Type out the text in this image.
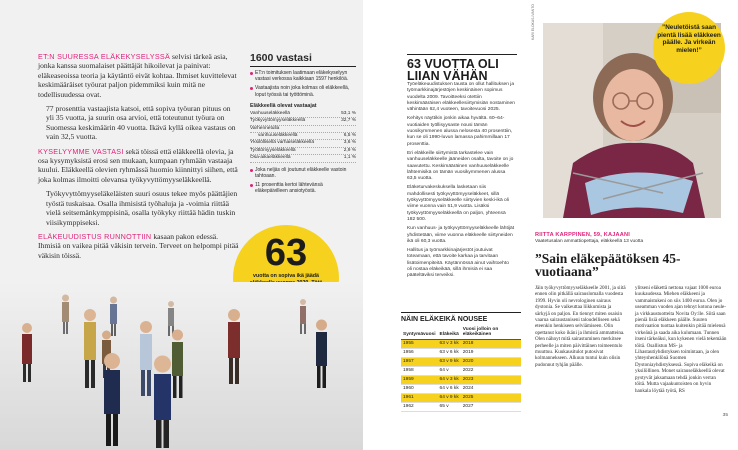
ET:N SUURESSA ELÄKEKYSELYSSÄ selvisi tärkeä asia, jonka kanssa suomalaiset päättäjät hikoilevat ja painivat: eläkeaseoissa teoria ja käytäntö eivät kohtaa. Ihmiset kuvittelevat keskimääräiset työurat paljon pidemmiksi kuin mitä ne todellisuudessa ovat.

77 prosenttia vastaajista katsoi, että sopiva työuran pituus on yli 35 vuotta, ja suurin osa arvioi, että toteutunut työura on Suomessa keskimäärin 40 vuotta. Ikävä kyllä oikea vastaus on vain 32,5 vuotta.

KYSELYYMME VASTASI sekä töissä että eläkkeellä olevia, ja osa kysymyksistä erosi sen mukaan, kumpaan ryhmään vastaaja kuului. Eläkkeellä olevien ryhmässä huomio kiinnittyi siihen, että joka kolmas ilmoitti olevansa työkyvyttömyyseläkkeellä.

Työkyvyttömyyseläkeläisten suuri osuus tekee myös päättäjien työstä tuskaisaa. Osalla ihmisistä työhaluja ja -voimia riittää vielä seitsemänkymppisinä, osalla työkyky riittää hädin tuskin viisikymppiseksi.

ELÄKEUUDISTUS RUNNOTTIIN kasaan pakon edessä. Ihmisiä on vaikea pitää väkisin tervein. Terveet on helpompi pitää väkisin töissä.

1600 vastasi
ET:n toimituksen laatimaan eläkekyselyyn vastasi verkossa kaikkiaan 1597 henkilöä.
Vastaajista noin joka kolmas oli eläkkeellä, loput työssä tai työttöminä.
Eläkkeellä olevat vastaajat
Vanhuuseläkkeellä	53,1 %
Työkyvyttömyyseläkkeellä	32,7 %
Varhennetulla
vanhuuseläkkeellä	6,5 %
Yksilöllisellä varhaiseläkkeellä	3,6 %
Työttömyyseläkkeellä	2,9 %
Osa-aikaeläkkeellä	1,1 %
Joka neljäs oli joutunut eläkkeelle vastoin tahtoaan.
11 prosenttia kertoi lähtevänsä eläkepäivilleen ansiotyöstä.
63
vuotta on sopiva ikä jäädä
63 VUOTTA OLI LIIAN VÄHÄN

Työeläkeuudistuksen tausta on ollut hallituksen ja työmarkkinajärjestöjen keskinäinen sopimus vuodelta 2009. Tavoitteeksi otettiin keskimääräisen eläkkeellesiirtymisiän nostaminen vähintään 62,4 vuoteen, tavoitevuosi 2025.

Kehitys näyttikin jonkin aikaa hyvältä. 60–64-vuotiaiden työllisyysaste nousi tämän vuosikymmenen alussa nelosesta 40 prosenttiin, kun se oli 1990-luvun lamassa pahimmillaan 17 prosenttia.

Eri eläkkeille siirtymistä tarkastelee vain vanhuuseläkkeelle jääneiden osalta, tavoite on jo saavutettu. Keskimääräinen vanhuuseläkkeelle lähtemisikä on tämän vuosikymmenen alussa 63,5 vuotta.

Eläketurvakeskuksella lasketaan siis mahdollisesti työkyvyttömyyseläkkeet, sillä työkyvyttömyyseläkkeelle siirtyvien keski-ikä oli viime vuonna vain 51,9 vuotta. Lisäksi työkyvyttömyyseläkkeellä on paljon, yhteensä 182 500.

Kun vanhuus- ja työkyvyttömyyseläkkeelle lähtijät yhdistetään, viime vuonna eläkkeelle siirtyneiden ikä oli 60,3 vuotta.

Hallitus ja työmarkkinajärjestöt joutuivat toteamaan, että tavoite karkaa ja tarvitaan lisätoimenpiteitä. Käytännössä ainut vaihtoehto oli nostaa eläkeikää, sillä ihmisiä ei saa pääteltäviksi terveiksi.

NÄIN ELÄKEIKÄ NOUSEE
Syntymävuosi	Eläkeikä	Vuosi jolloin on eläkeikäinen
1955	63 v 3 kk	2018
1956	63 v 6 kk	2019
1957	63 v 9 kk	2020
1958	64 v	2022
1959	64 v 3 kk	2023
1960	64 v 6 kk	2024
1961	64 v 9 kk	2025
1962	65 v	2027
KARI ELOKAS-IVANTO	”Neuletöistä saan pientä lisää eläkkeen päälle. Ja virkeän mielen!”
RIITTA KARPPINEN, 59, KAJAANI
Vaatetusalan ammattiopettaja, eläkkeellä 13 vuotta
”Sain eläkepäätöksen 45-vuotiaana”
Jäin työkyvyttömyyseläkkeelle 2001, ja siitä ennen olin pitkällä sairauslomalla vuodesta 1999. Hyvin oli nevrologinen sairaus dystonia. Se vaikeuttaa liikkumista ja särkyjä on paljon. En tiennyt miten osaisin vaarua sairaustaniseni taloudelliseen sekä eteenkin henkiseen selviämiseen. Olin opettanut koko ikäni ja ihmistä ammatteina. Olen nähnyt mitä sairastuminen merkitsee perheelle ja miten päivittäinen toimeentulo muuttuu. Kuukausitulot putosivat kolmannekseen. Alkuun tuntui kuin olisin pudonnut tyhjän päälle.
ylitseni eläkettä nettona vajaat 1000 euroa kuukaudessa. Miehen eläkkeeni ja vammaistukeni on siis 1400 euroa. Olen jo useamman vuoden ajan tehnyt kotona neule- ja virkkaustuotteita Novita Oy:lle. Siitä saan pieniä lisiä eläkkeen päälle. Suuren motivaation tuottaa kuitenkin pitää mielensä virkeänä ja saada aika kulumaan. Tunnen itseni tärkeäksi, kun kykenen vielä tekemään töitä. Osallistun MS- ja Lihastautiyhdistyksen toimintaan, ja olen yhteyshenkilönä Suomen Dystoniayhdistyksessä. Sopiva eläkeikä on yksilöllinen. Monet sairauseläkkeellä olevat pystyvät jaksamaan tehdä jonkin verran töitä. Mutta vajaakuntoisten on hyvin hankala löytää työtä, RS
35
